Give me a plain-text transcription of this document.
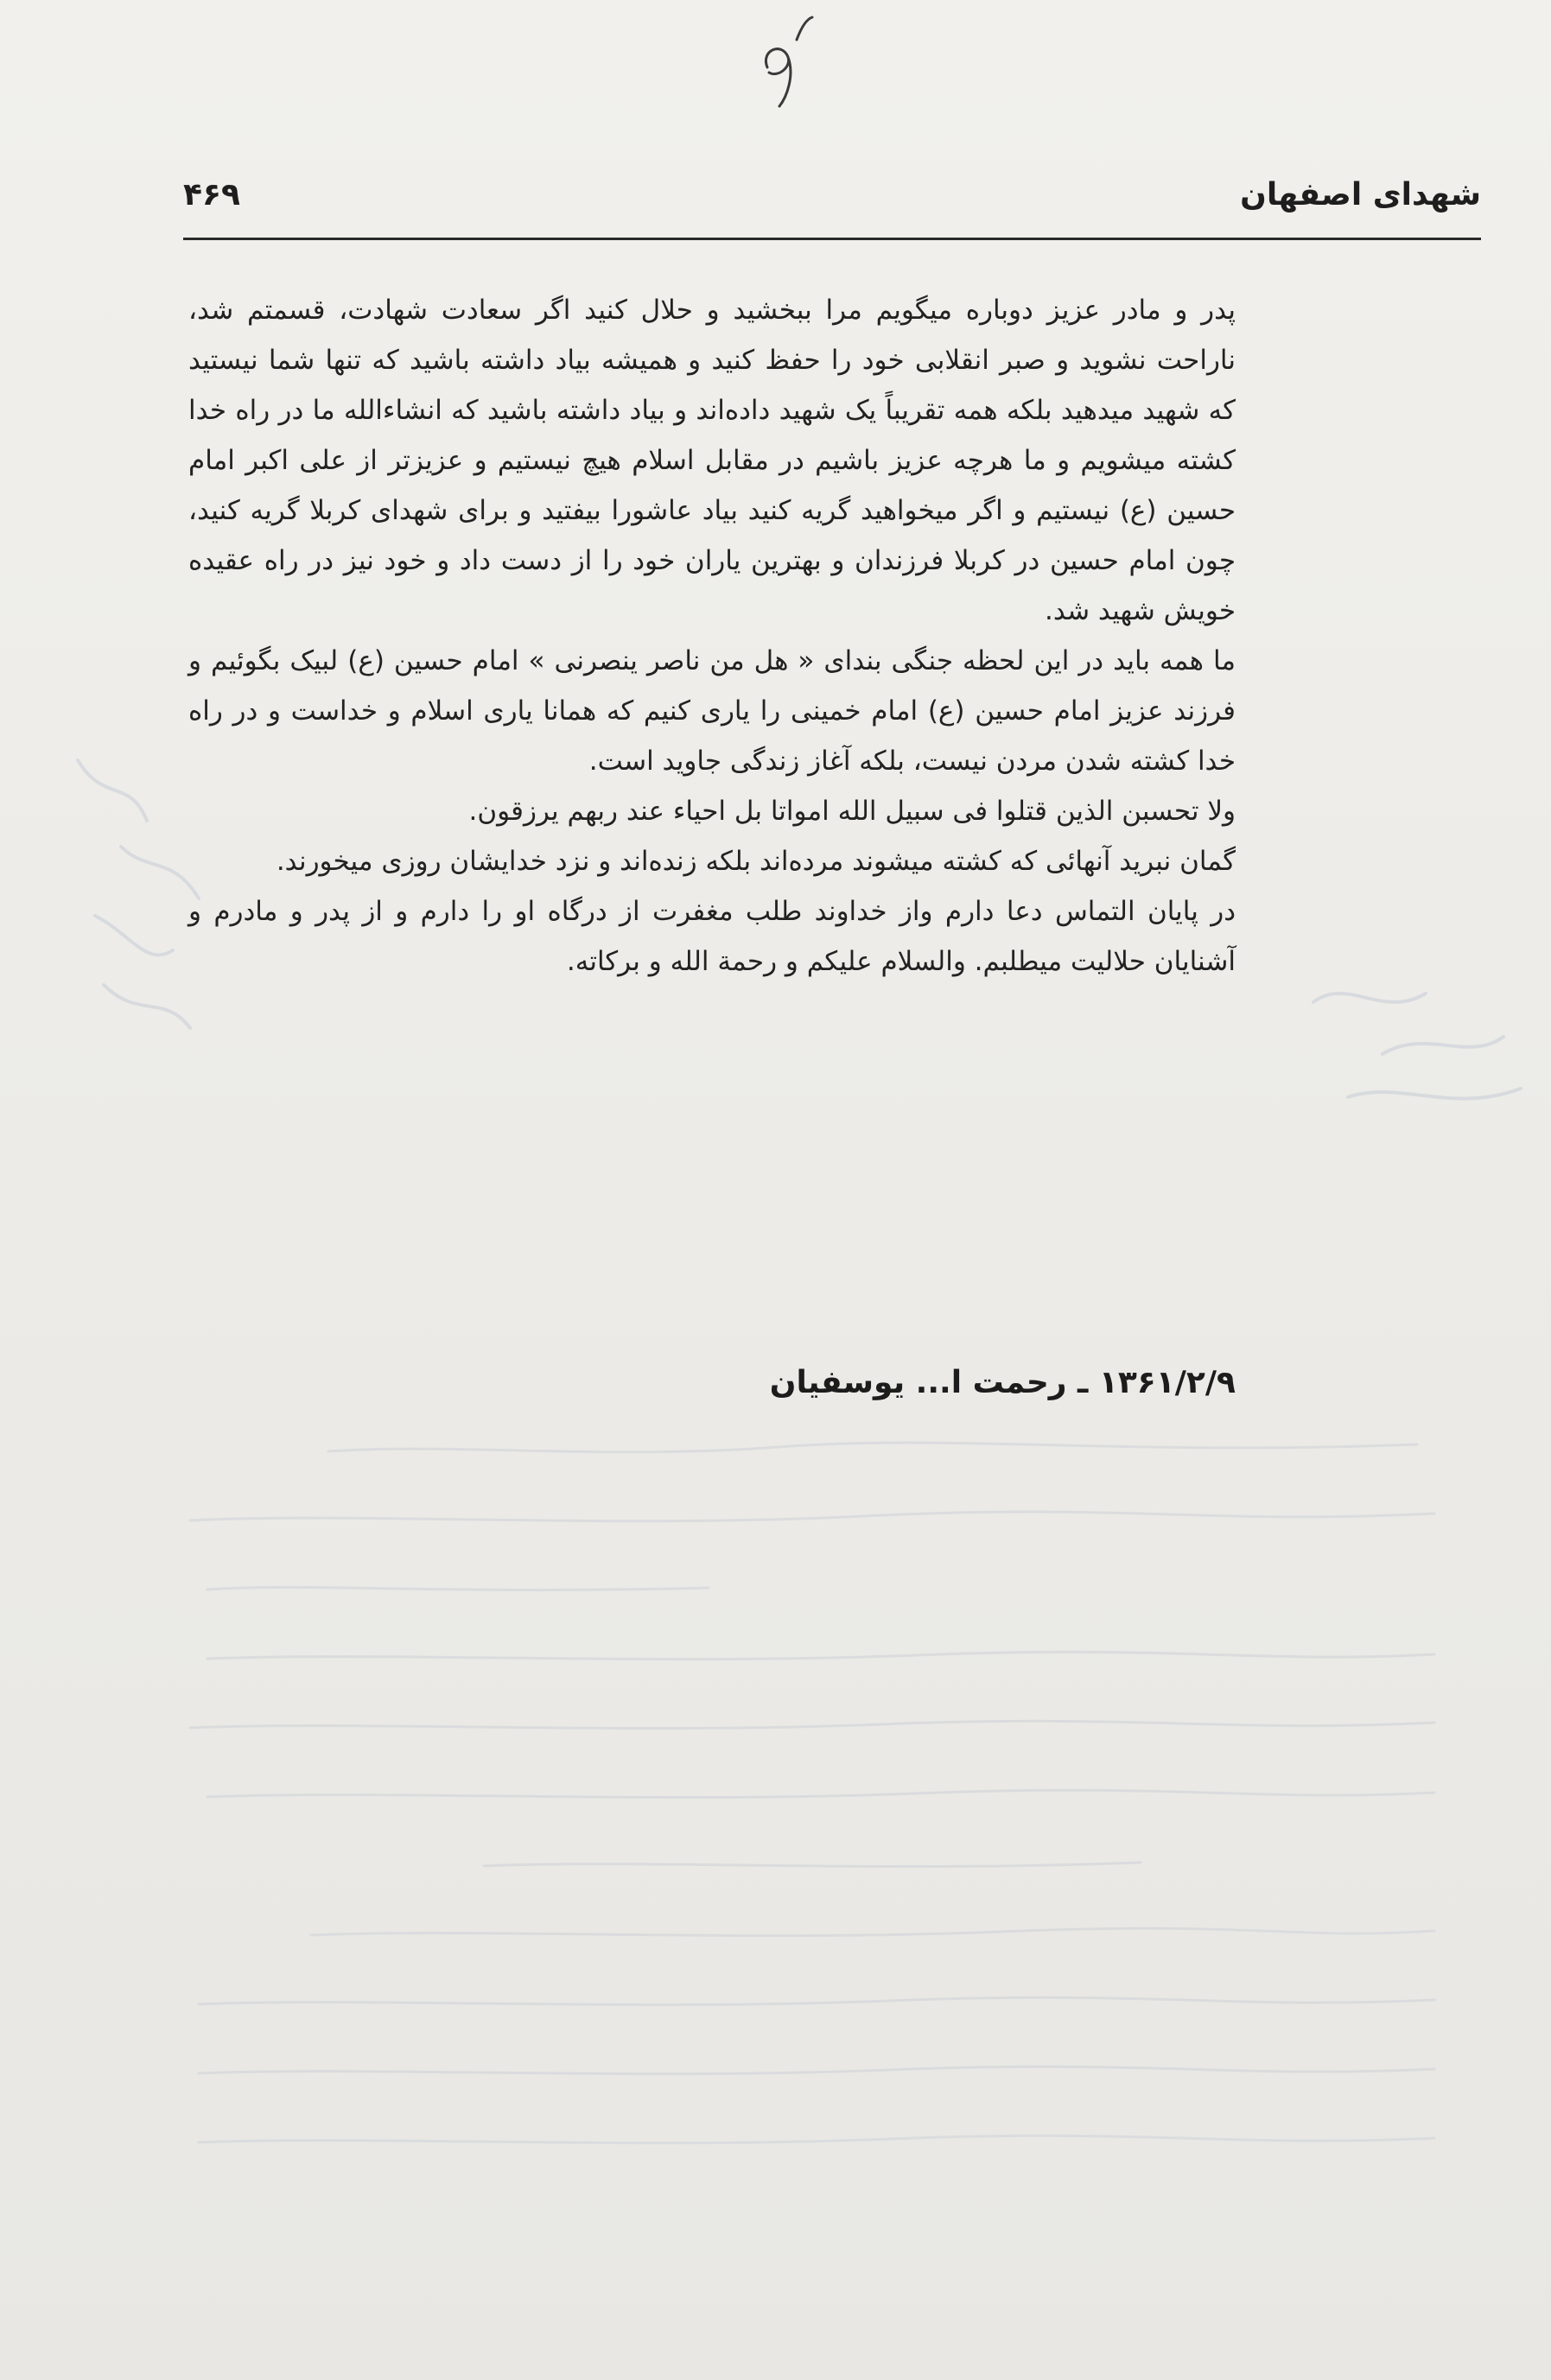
شهدای اصفهان
۴۶۹

پدر و مادر عزیز دوباره میگویم مرا ببخشید و حلال کنید اگر سعادت شهادت، قسمتم شد، ناراحت نشوید و صبر انقلابی خود را حفظ کنید و همیشه بیاد داشته باشید که تنها شما نیستید که شهید میدهید بلکه همه تقریباً یک شهید داده‌اند و بیاد داشته باشید که انشاءالله ما در راه خدا کشته میشویم و ما هرچه عزیز باشیم در مقابل اسلام هیچ نیستیم و عزیزتر از علی اکبر امام حسین (ع) نیستیم و اگر میخواهید گریه کنید بیاد عاشورا بیفتید و برای شهدای کربلا گریه کنید، چون امام حسین در کربلا فرزندان و بهترین یاران خود را از دست داد و خود نیز در راه عقیده خویش شهید شد.

ما همه باید در این لحظه جنگی بندای « هل من ناصر ینصرنی » امام حسین (ع) لبیک بگوئیم و فرزند عزیز امام حسین (ع) امام خمینی را یاری کنیم که همانا یاری اسلام و خداست و در راه خدا کشته شدن مردن نیست، بلکه آغاز زندگی جاوید است.

ولا تحسبن الذین قتلوا فی سبیل الله امواتا بل احیاء عند ربهم یرزقون.

گمان نبرید آنهائی که کشته میشوند مرده‌اند بلکه زنده‌اند و نزد خدایشان روزی میخورند.

در پایان التماس دعا دارم واز خداوند طلب مغفرت از درگاه او را دارم و از پدر و مادرم و آشنایان حلالیت میطلبم. والسلام علیکم و رحمة الله و برکاته.

۱۳۶۱/۲/۹ ـ رحمت ا... یوسفیان
